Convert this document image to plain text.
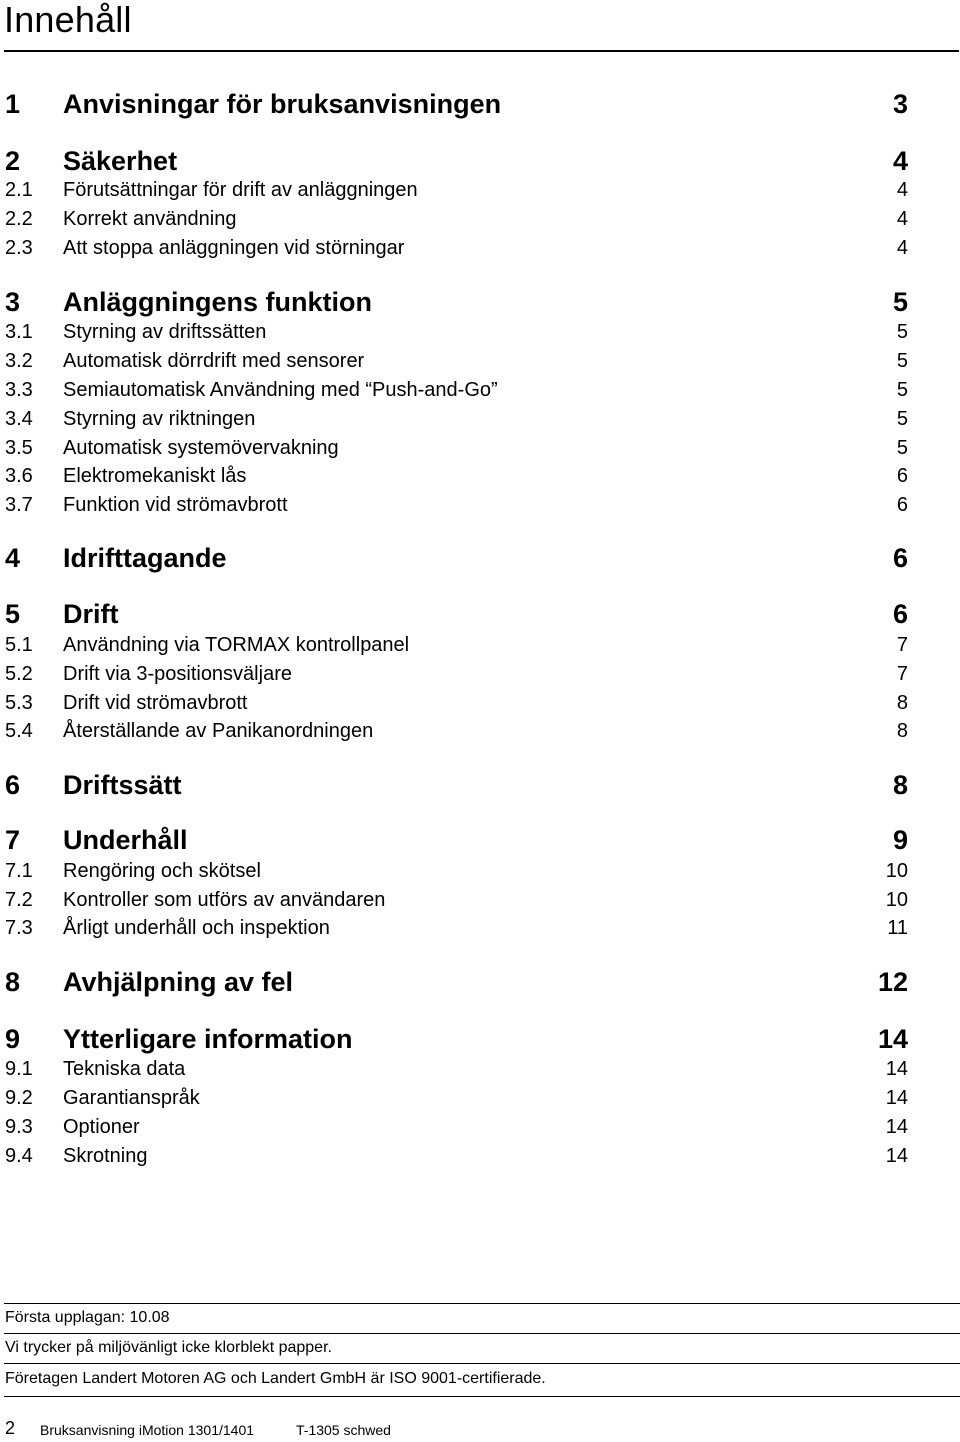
Innehåll
1 Anvisningar för bruksanvisningen	3
2 Säkerhet	4
2.1 Förutsättningar för drift av anläggningen	4
2.2 Korrekt användning	4
2.3 Att stoppa anläggningen vid störningar	4
3 Anläggningens funktion	5
3.1 Styrning av driftssätten	5
3.2 Automatisk dörrdrift med sensorer	5
3.3 Semiautomatisk Användning med “Push-and-Go”	5
3.4 Styrning av riktningen	5
3.5 Automatisk systemövervakning	5
3.6 Elektromekaniskt lås	6
3.7 Funktion vid strömavbrott	6
4 Idrifttagande	6
5 Drift	6
5.1 Användning via TORMAX kontrollpanel	7
5.2 Drift via 3-positionsväljare	7
5.3 Drift vid strömavbrott	8
5.4 Återställande av Panikanordningen	8
6 Driftssätt	8
7 Underhåll	9
7.1 Rengöring och skötsel	10
7.2 Kontroller som utförs av användaren	10
7.3 Årligt underhåll och inspektion	11
8 Avhjälpning av fel	12
9 Ytterligare information	14
9.1 Tekniska data	14
9.2 Garantianspråk	14
9.3 Optioner	14
9.4 Skrotning	14
Första upplagan: 10.08
Vi trycker på miljövänligt icke klorblekt papper.
Företagen Landert Motoren AG och Landert GmbH är ISO 9001-certifierade.
2 Bruksanvisning iMotion 1301/1401	T-1305 schwed
